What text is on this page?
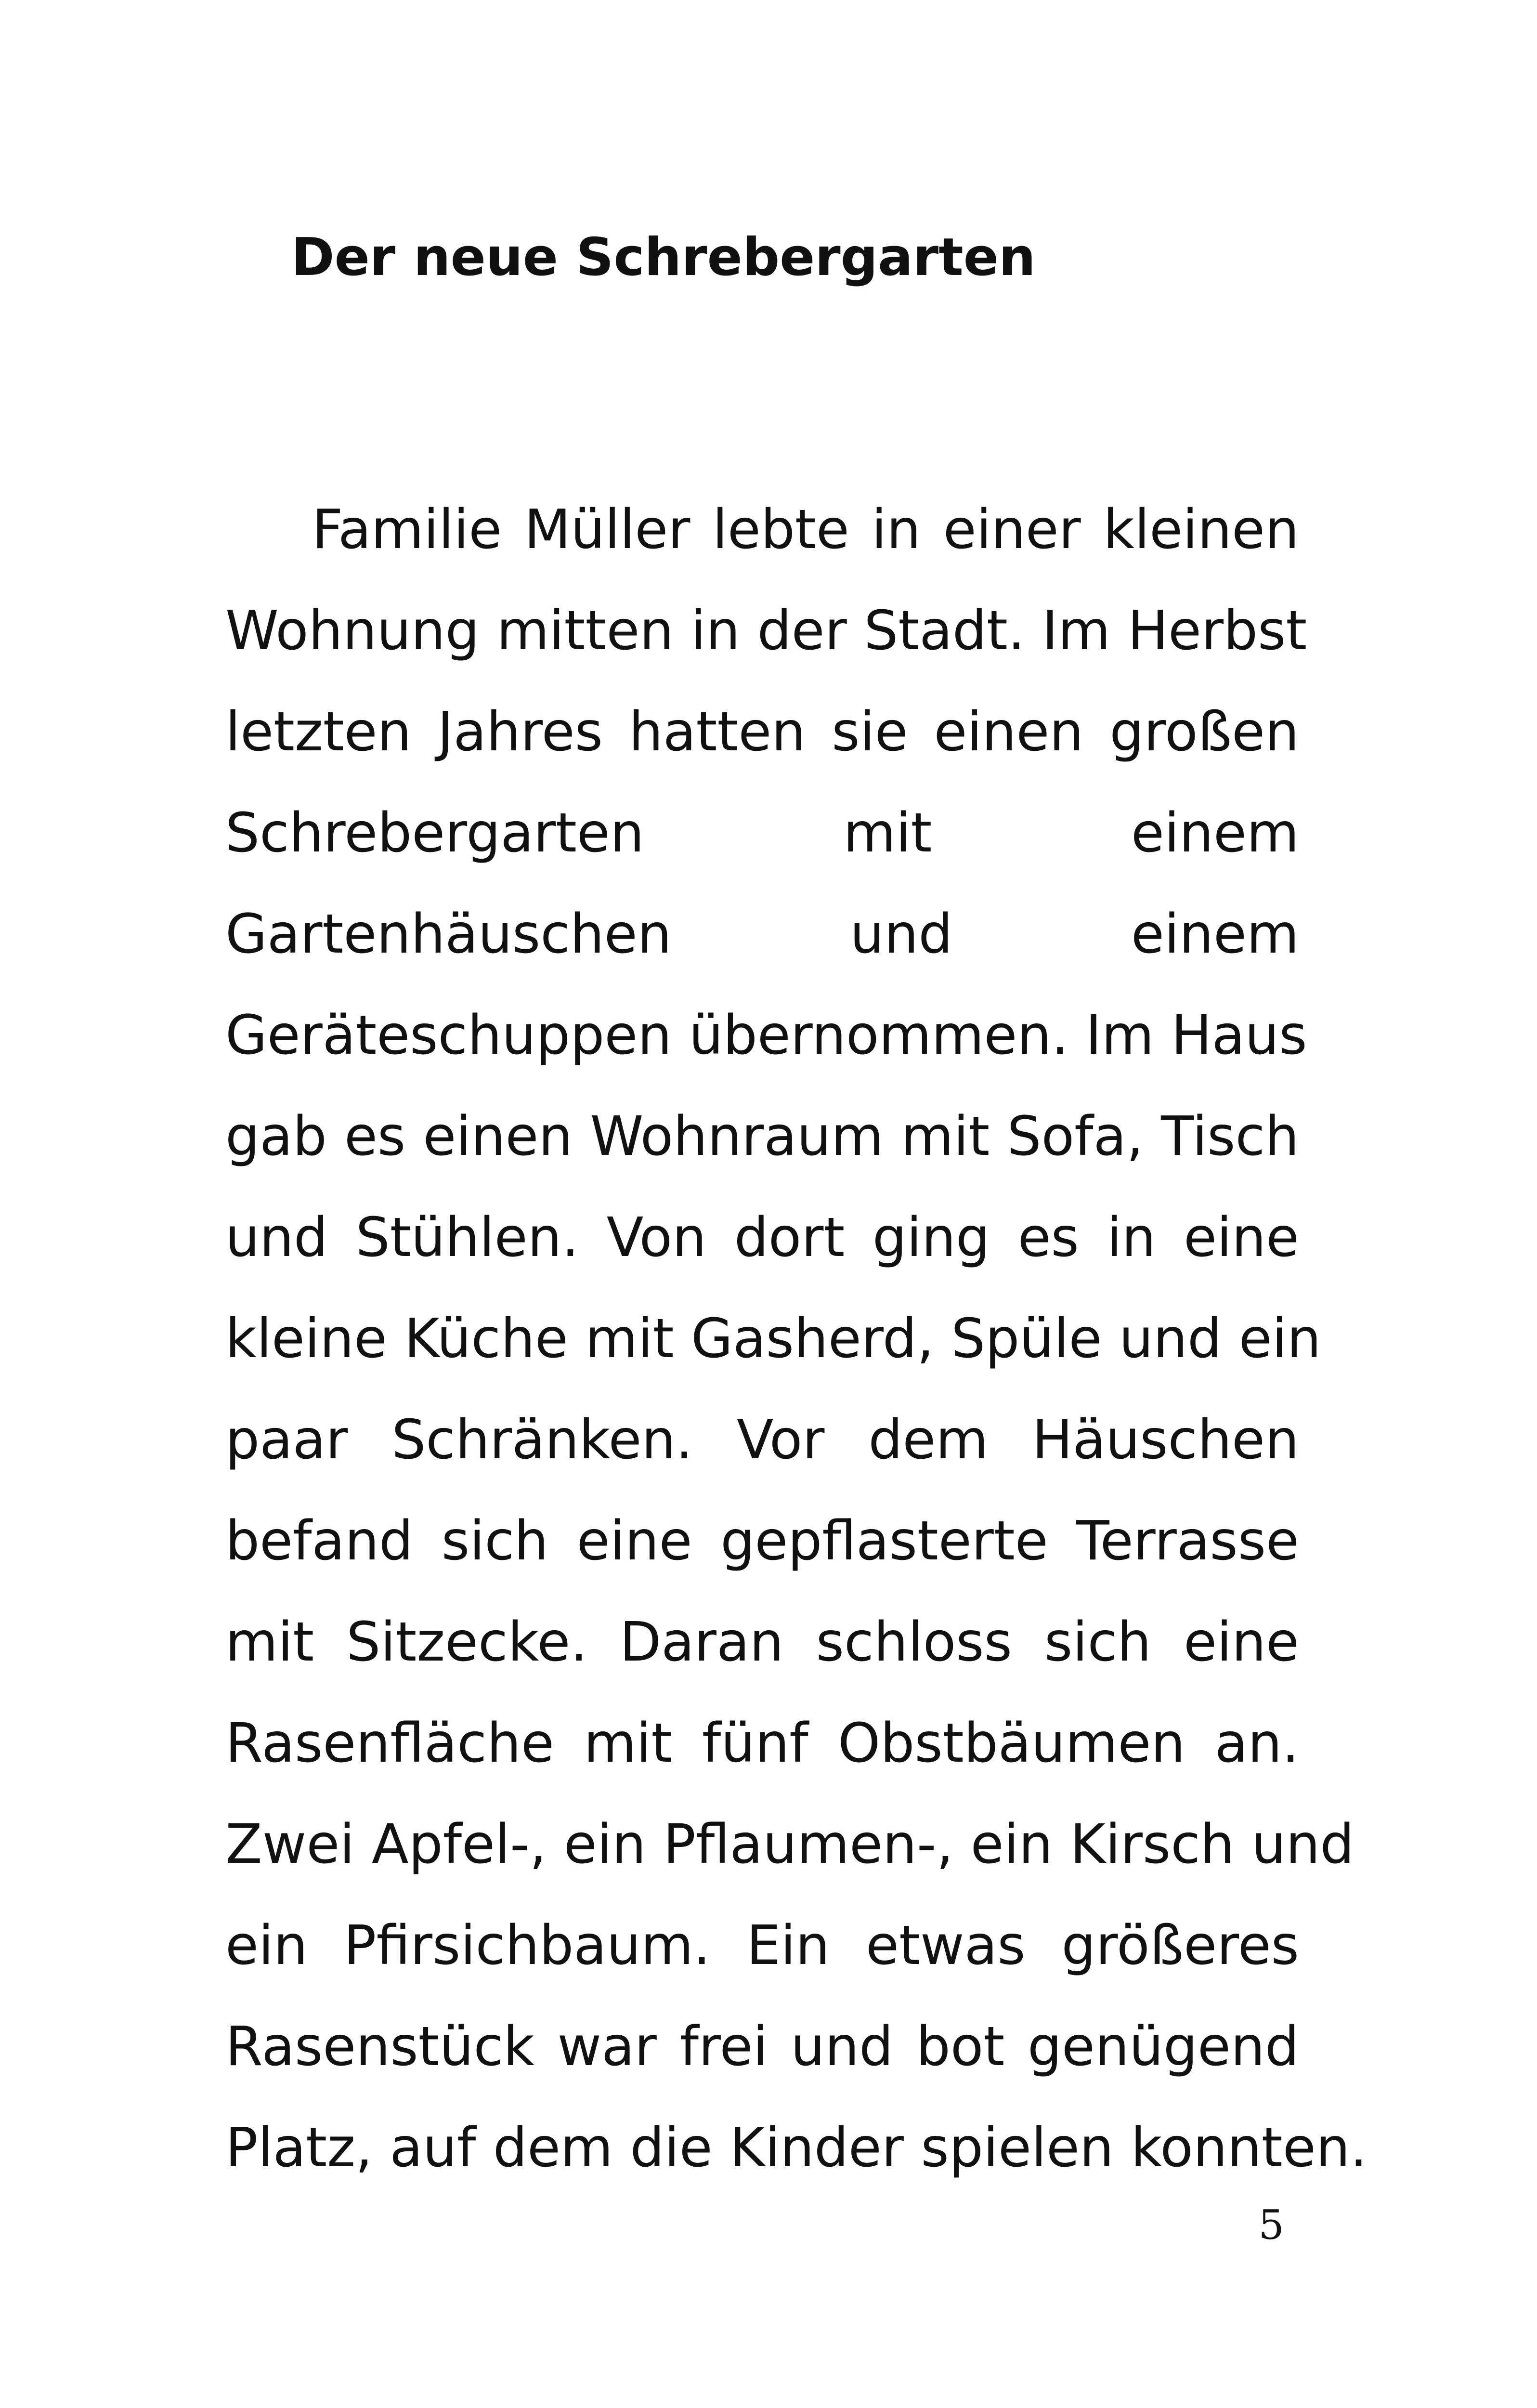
Der neue Schrebergarten
Familie Müller lebte in einer kleinen
Wohnung mitten in der Stadt. Im Herbst
letzten Jahres hatten sie einen großen
Schrebergarten mit einem
Gartenhäuschen und einem
Geräteschuppen übernommen. Im Haus
gab es einen Wohnraum mit Sofa, Tisch
und Stühlen. Von dort ging es in eine
kleine Küche mit Gasherd, Spüle und ein
paar Schränken. Vor dem Häuschen
befand sich eine gepflasterte Terrasse
mit Sitzecke. Daran schloss sich eine
Rasenfläche mit fünf Obstbäumen an.
Zwei Apfel-, ein Pflaumen-, ein Kirsch und
ein Pfirsichbaum. Ein etwas größeres
Rasenstück war frei und bot genügend
Platz, auf dem die Kinder spielen konnten.
5
